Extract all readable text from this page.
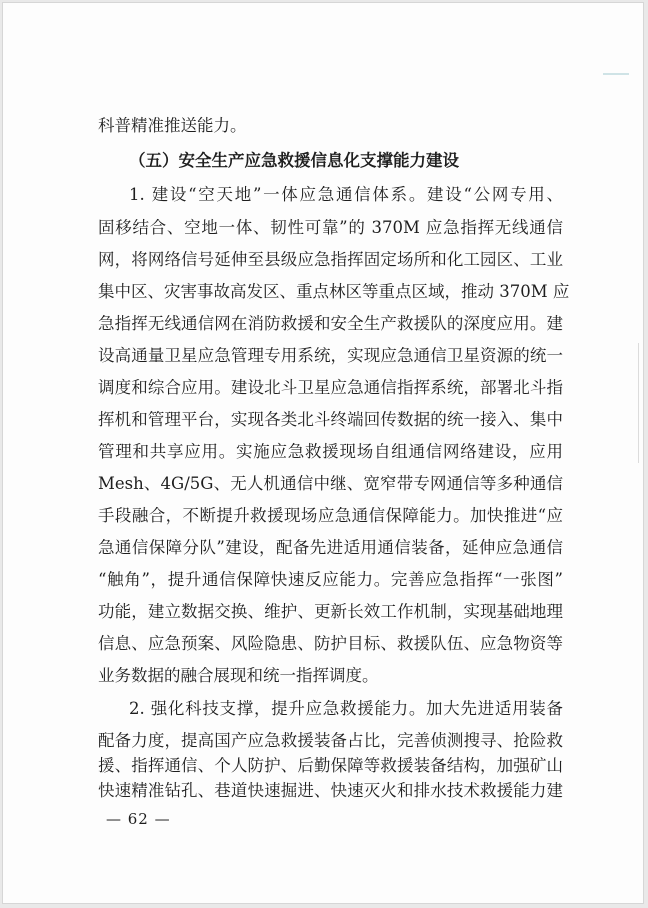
科普精准推送能力。
（五）安全生产应急救援信息化支撑能力建设
1. 建设“空天地”一体应急通信体系。建设“公网专用、
固移结合、空地一体、韧性可靠”的 370M 应急指挥无线通信
网，将网络信号延伸至县级应急指挥固定场所和化工园区、工业
集中区、灾害事故高发区、重点林区等重点区域，推动 370M 应
急指挥无线通信网在消防救援和安全生产救援队的深度应用。建
设高通量卫星应急管理专用系统，实现应急通信卫星资源的统一
调度和综合应用。建设北斗卫星应急通信指挥系统，部署北斗指
挥机和管理平台，实现各类北斗终端回传数据的统一接入、集中
管理和共享应用。实施应急救援现场自组通信网络建设，应用
Mesh、4G/5G、无人机通信中继、宽窄带专网通信等多种通信
手段融合，不断提升救援现场应急通信保障能力。加快推进“应
急通信保障分队”建设，配备先进适用通信装备，延伸应急通信
“触角”，提升通信保障快速反应能力。完善应急指挥“一张图”
功能，建立数据交换、维护、更新长效工作机制，实现基础地理
信息、应急预案、风险隐患、防护目标、救援队伍、应急物资等
业务数据的融合展现和统一指挥调度。
2. 强化科技支撑，提升应急救援能力。加大先进适用装备
配备力度，提高国产应急救援装备占比，完善侦测搜寻、抢险救
援、指挥通信、个人防护、后勤保障等救援装备结构，加强矿山
快速精准钻孔、巷道快速掘进、快速灭火和排水技术救援能力建
— 62 —
